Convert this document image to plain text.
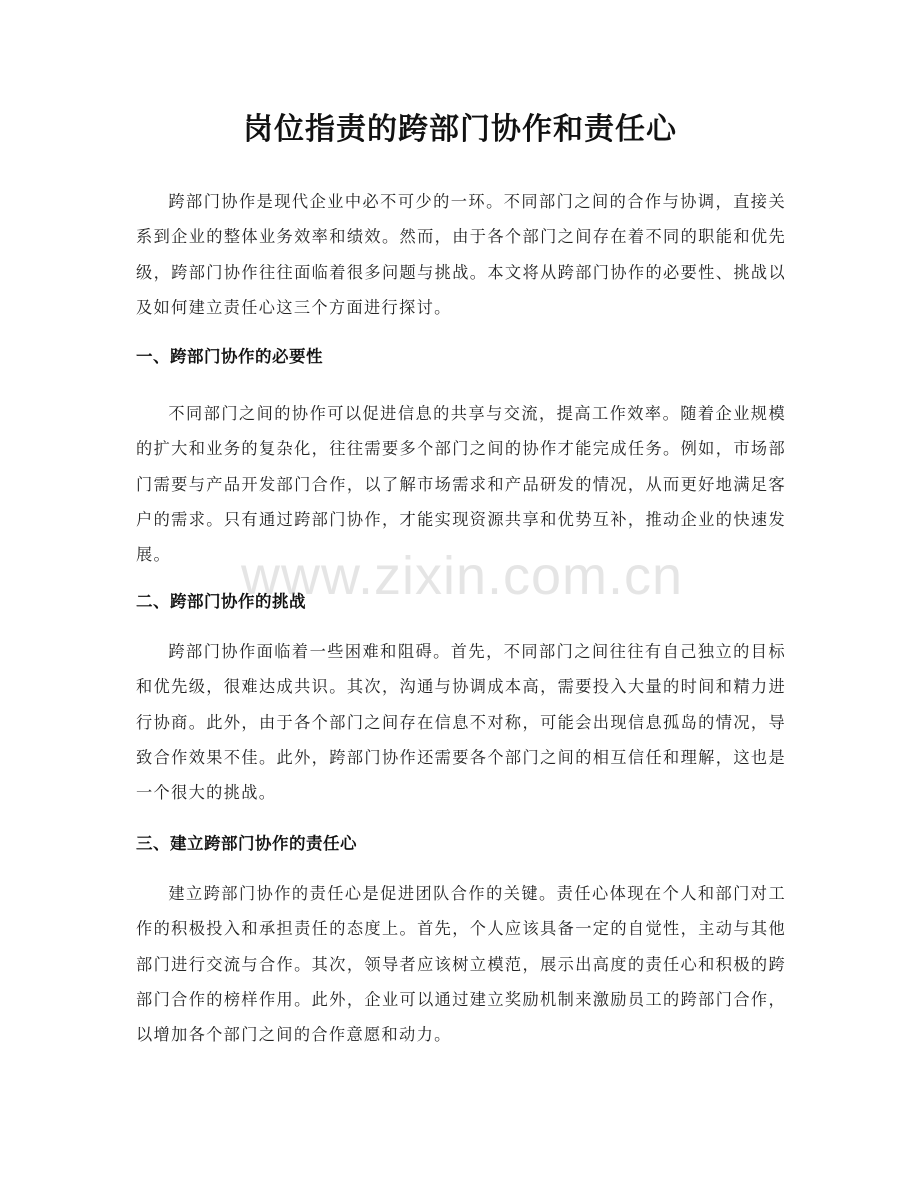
岗位指责的跨部门协作和责任心

跨部门协作是现代企业中必不可少的一环。不同部门之间的合作与协调，直接关系到企业的整体业务效率和绩效。然而，由于各个部门之间存在着不同的职能和优先级，跨部门协作往往面临着很多问题与挑战。本文将从跨部门协作的必要性、挑战以及如何建立责任心这三个方面进行探讨。

一、跨部门协作的必要性

不同部门之间的协作可以促进信息的共享与交流，提高工作效率。随着企业规模的扩大和业务的复杂化，往往需要多个部门之间的协作才能完成任务。例如，市场部门需要与产品开发部门合作，以了解市场需求和产品研发的情况，从而更好地满足客户的需求。只有通过跨部门协作，才能实现资源共享和优势互补，推动企业的快速发展。

二、跨部门协作的挑战

跨部门协作面临着一些困难和阻碍。首先，不同部门之间往往有自己独立的目标和优先级，很难达成共识。其次，沟通与协调成本高，需要投入大量的时间和精力进行协商。此外，由于各个部门之间存在信息不对称，可能会出现信息孤岛的情况，导致合作效果不佳。此外，跨部门协作还需要各个部门之间的相互信任和理解，这也是一个很大的挑战。

三、建立跨部门协作的责任心

建立跨部门协作的责任心是促进团队合作的关键。责任心体现在个人和部门对工作的积极投入和承担责任的态度上。首先，个人应该具备一定的自觉性，主动与其他部门进行交流与合作。其次，领导者应该树立模范，展示出高度的责任心和积极的跨部门合作的榜样作用。此外，企业可以通过建立奖励机制来激励员工的跨部门合作，以增加各个部门之间的合作意愿和动力。

www.zixin.com.cn
